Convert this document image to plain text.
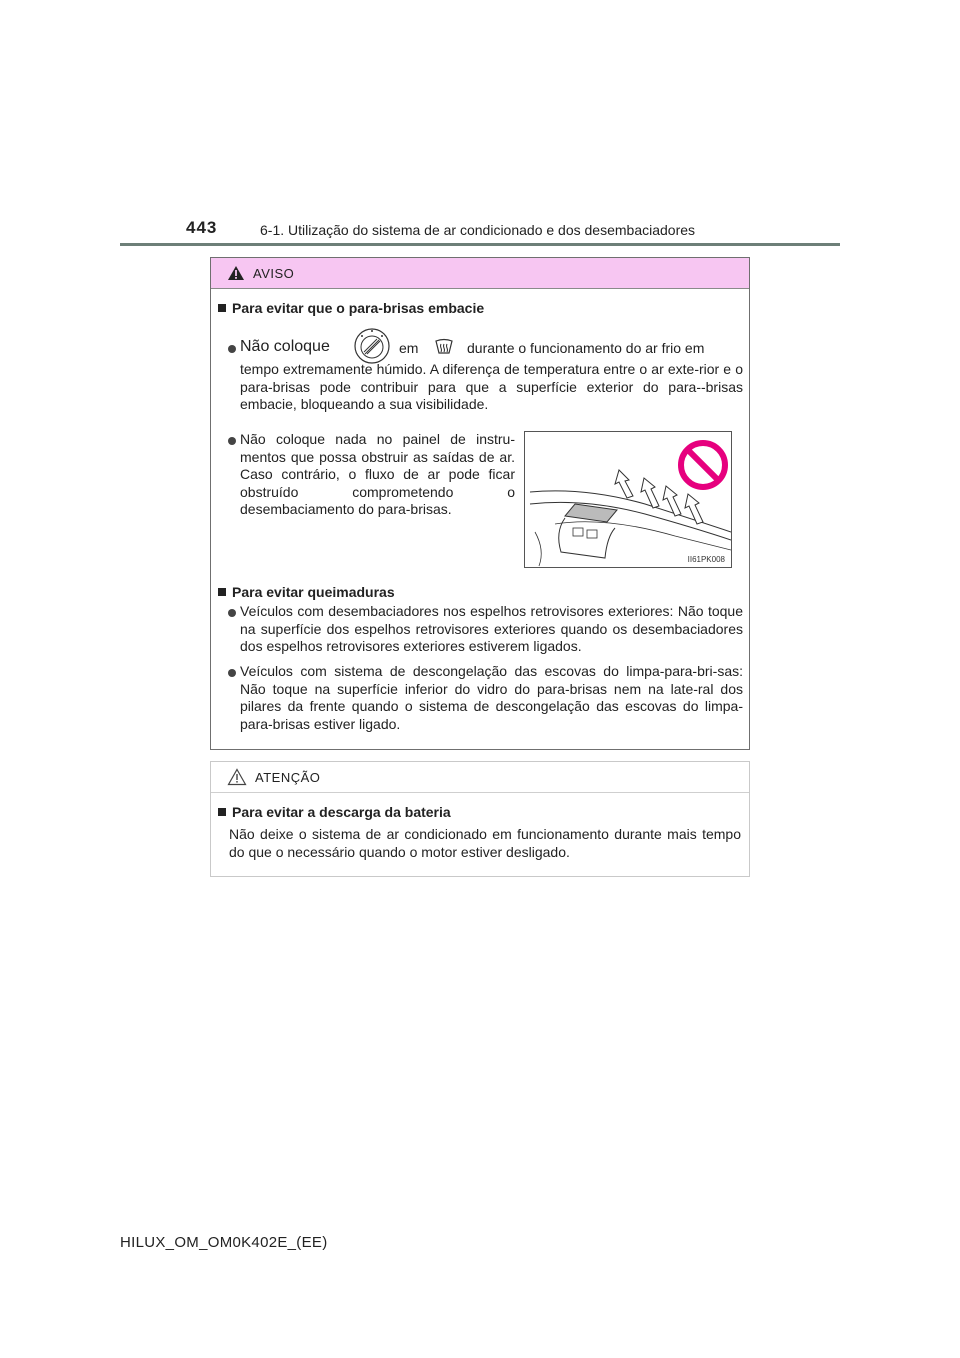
443	6-1. Utilização do sistema de ar condicionado e dos desembaciadores
AVISO
Para evitar que o para-brisas embacie
Não coloque	em	durante o funcionamento do ar frio em
tempo extremamente húmido. A diferença de temperatura entre o ar exte-rior e o para-brisas pode contribuir para que a superfície exterior do para--brisas embacie, bloqueando a sua visibilidade.
Não coloque nada no painel de instru-mentos que possa obstruir as saídas de ar. Caso contrário, o fluxo de ar pode ficar obstruído comprometendo o desembaciamento do para-brisas.
II61PK008
Para evitar queimaduras
Veículos com desembaciadores nos espelhos retrovisores exteriores: Não toque na superfície dos espelhos retrovisores exteriores quando os desembaciadores dos espelhos retrovisores exteriores estiverem ligados.
Veículos com sistema de descongelação das escovas do limpa-para-bri-sas: Não toque na superfície inferior do vidro do para-brisas nem na late-ral dos pilares da frente quando o sistema de descongelação das escovas do limpa-para-brisas estiver ligado.
ATENÇÃO
Para evitar a descarga da bateria
Não deixe o sistema de ar condicionado em funcionamento durante mais tempo do que o necessário quando o motor estiver desligado.
HILUX_OM_OM0K402E_(EE)
